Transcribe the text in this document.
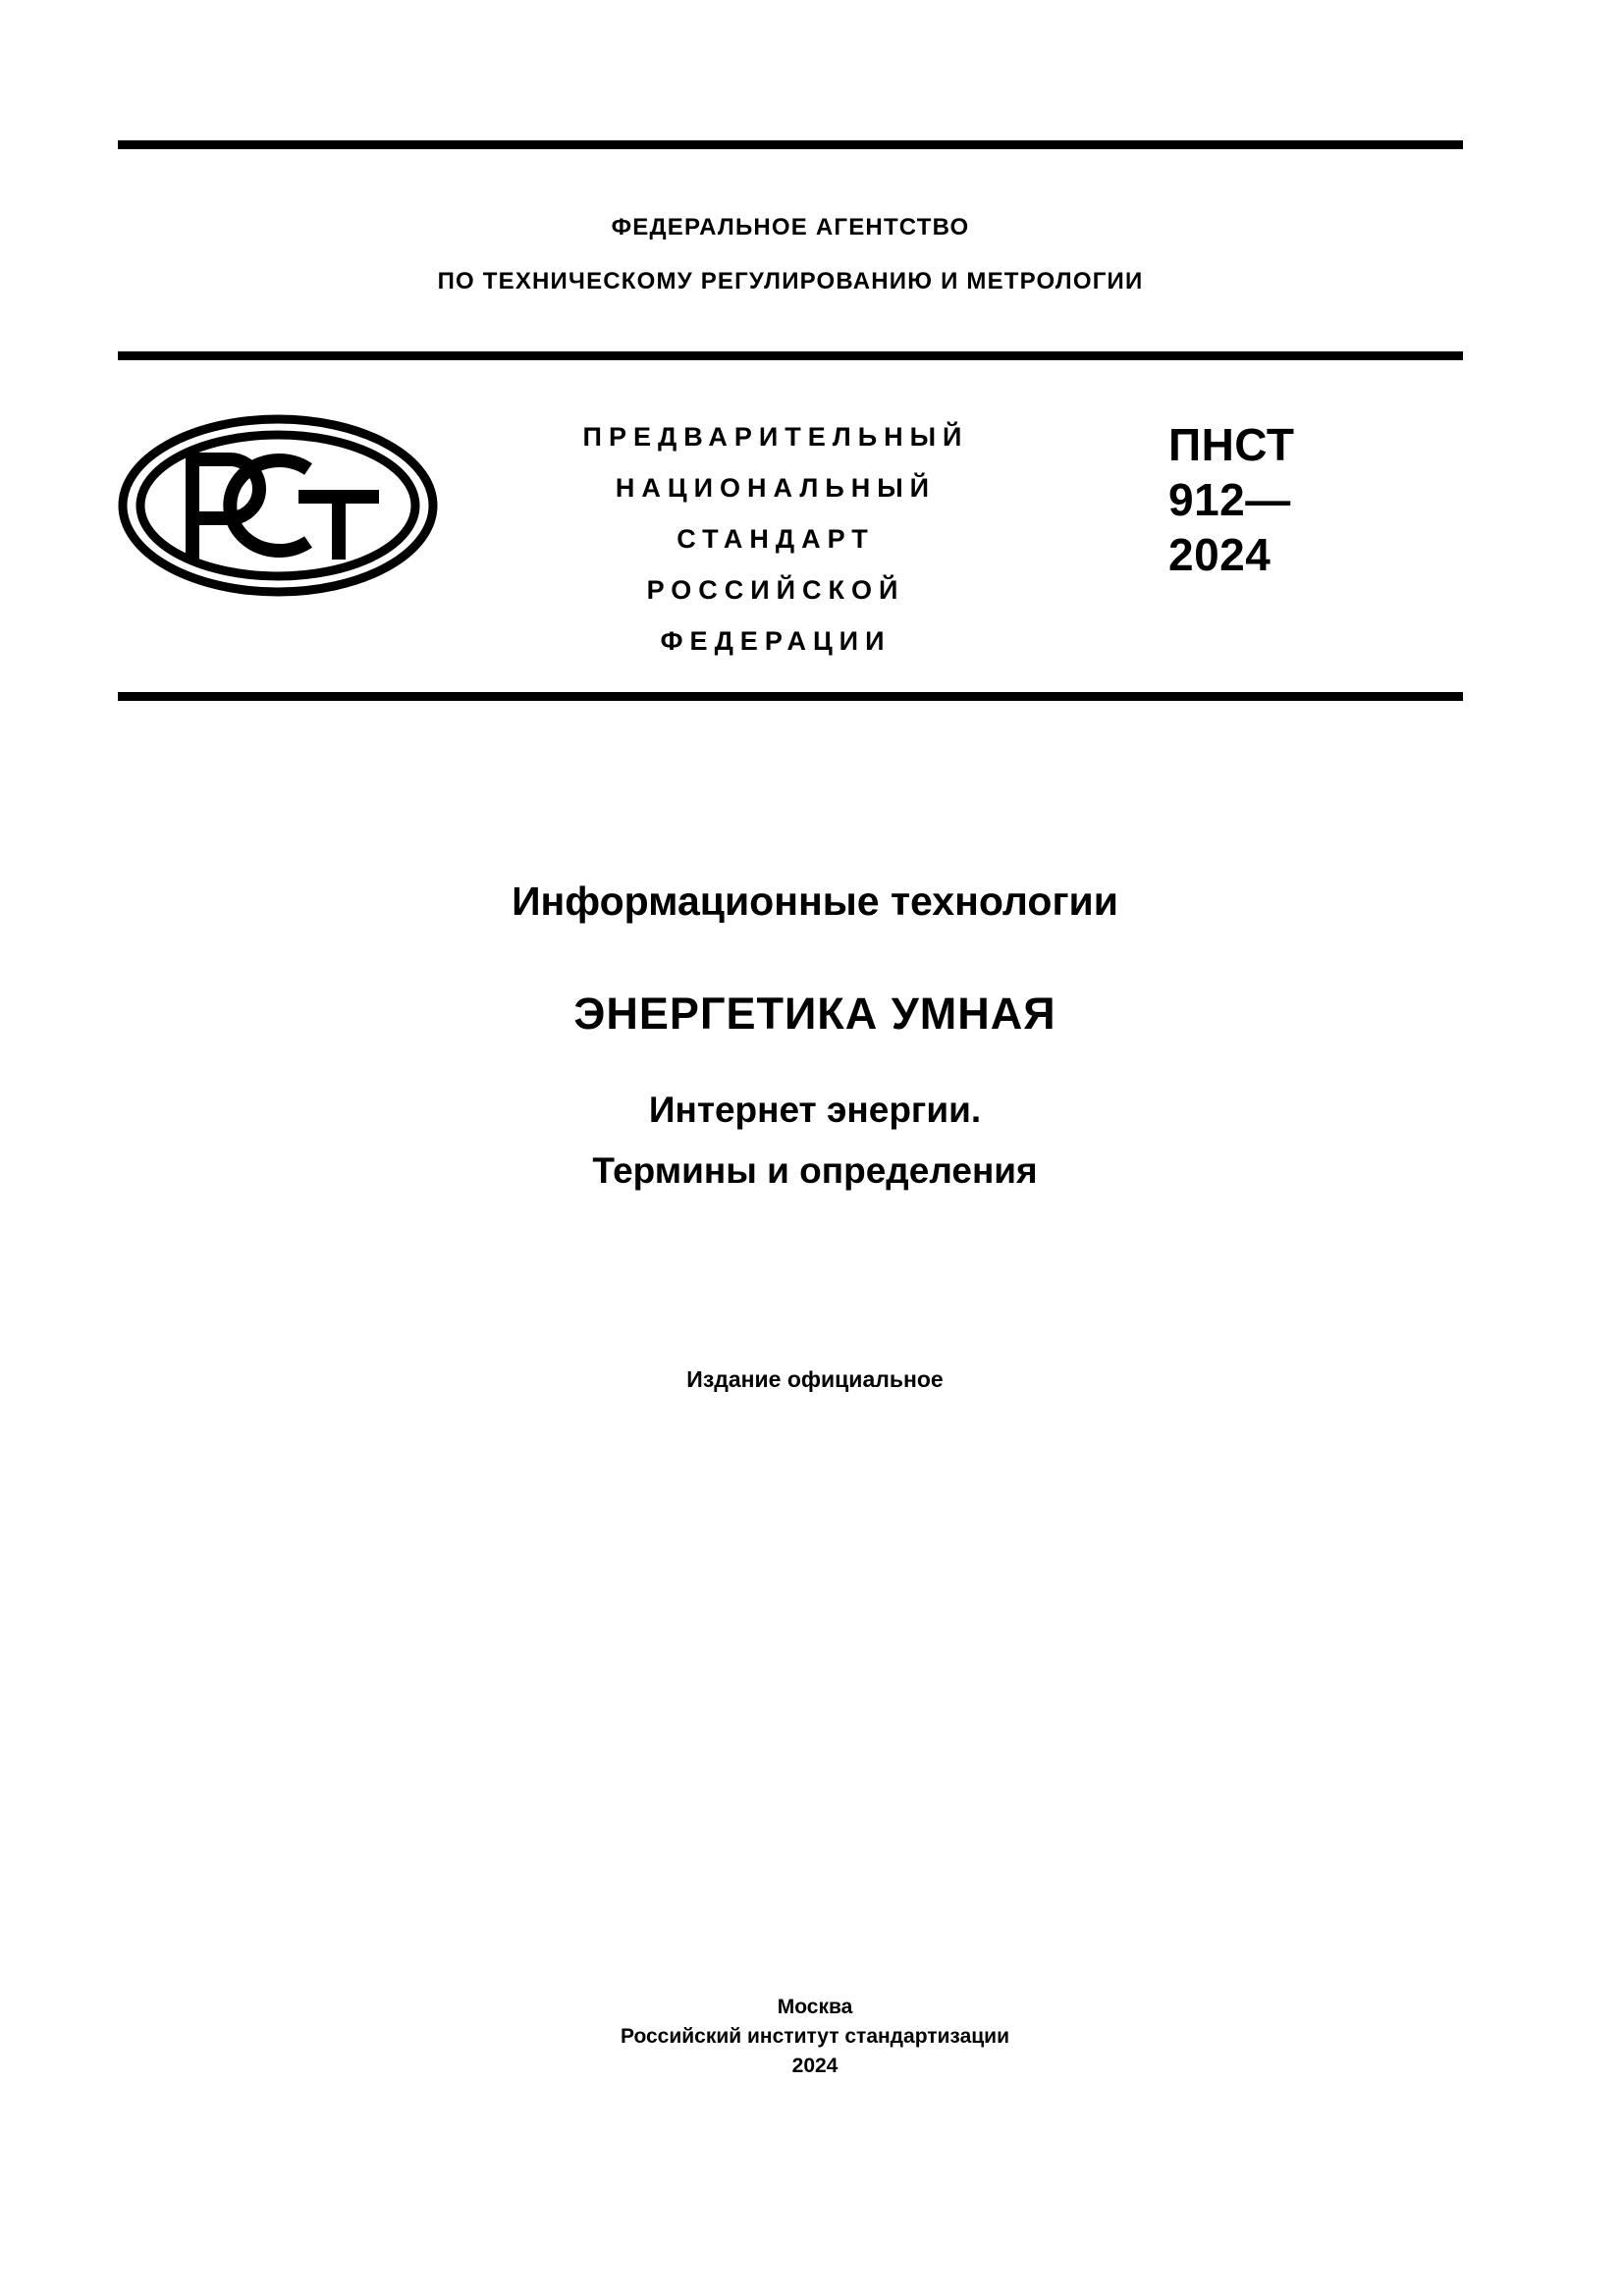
ФЕДЕРАЛЬНОЕ АГЕНТСТВО
ПО ТЕХНИЧЕСКОМУ РЕГУЛИРОВАНИЮ И МЕТРОЛОГИИ
ПРЕДВАРИТЕЛЬНЫЙ
НАЦИОНАЛЬНЫЙ
СТАНДАРТ
РОССИЙСКОЙ
ФЕДЕРАЦИИ
ПНСТ
912—
2024
Информационные технологии
ЭНЕРГЕТИКА УМНАЯ
Интернет энергии.
Термины и определения
Издание официальное
Москва
Российский институт стандартизации
2024
